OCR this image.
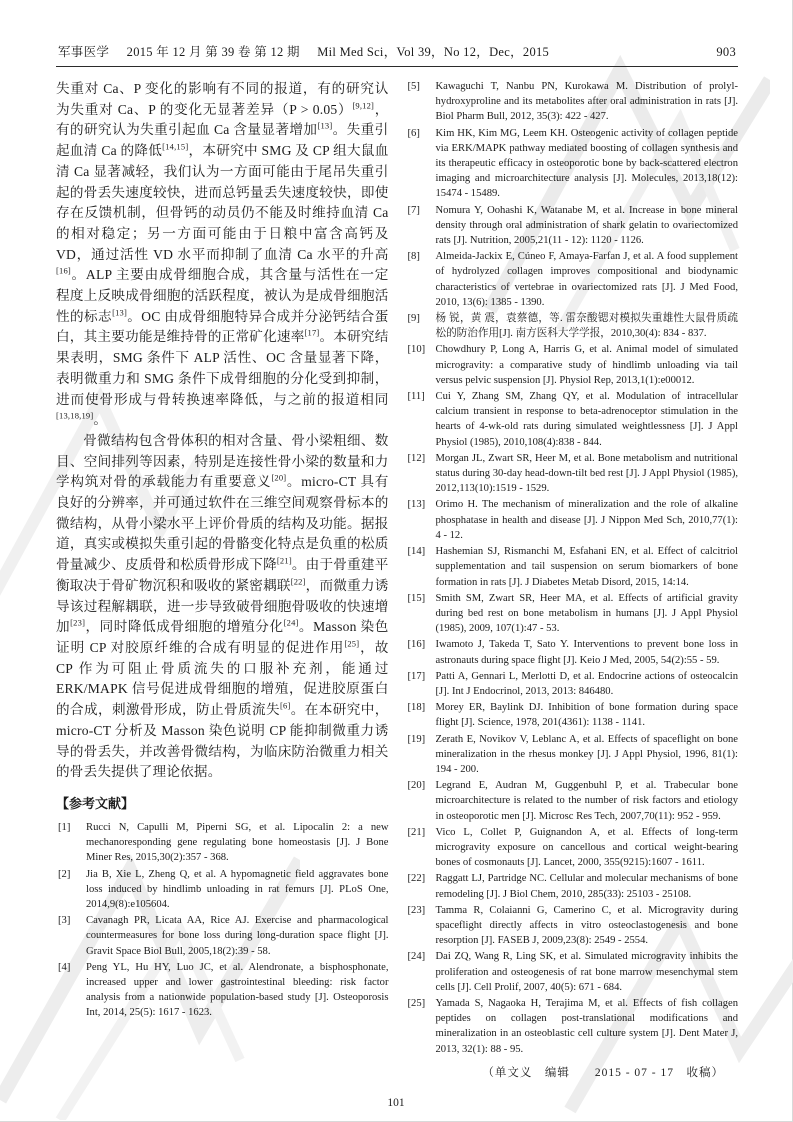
军事医学 2015 年 12 月 第 39 卷 第 12 期 Mil Med Sci，Vol 39，No 12，Dec，2015	903

失重对 Ca、P 变化的影响有不同的报道，有的研究认为失重对 Ca、P 的变化无显著差异（P > 0.05）[9,12]，有的研究认为失重引起血 Ca 含量显著增加[13]。失重引起血清 Ca 的降低[14,15]，本研究中 SMG 及 CP 组大鼠血清 Ca 显著减轻，我们认为一方面可能由于尾吊失重引起的骨丢失速度较快，进而总钙量丢失速度较快，即使存在反馈机制，但骨钙的动员仍不能及时维持血清 Ca 的相对稳定；另一方面可能由于日粮中富含高钙及 VD，通过活性 VD 水平而抑制了血清 Ca 水平的升高[16]。ALP 主要由成骨细胞合成，其含量与活性在一定程度上反映成骨细胞的活跃程度，被认为是成骨细胞活性的标志[13]。OC 由成骨细胞特异合成并分泌钙结合蛋白，其主要功能是维持骨的正常矿化速率[17]。本研究结果表明，SMG 条件下 ALP 活性、OC 含量显著下降，表明微重力和 SMG 条件下成骨细胞的分化受到抑制，进而使骨形成与骨转换速率降低，与之前的报道相同[13,18,19]。

骨微结构包含骨体积的相对含量、骨小梁粗细、数目、空间排列等因素，特别是连接性骨小梁的数量和力学构筑对骨的承载能力有重要意义[20]。micro-CT 具有良好的分辨率，并可通过软件在三维空间观察骨标本的微结构，从骨小梁水平上评价骨质的结构及功能。据报道，真实或模拟失重引起的骨骼变化特点是负重的松质骨量减少、皮质骨和松质骨形成下降[21]。由于骨重建平衡取决于骨矿物沉积和吸收的紧密耦联[22]，而微重力诱导该过程解耦联，进一步导致破骨细胞骨吸收的快速增加[23]，同时降低成骨细胞的增殖分化[24]。Masson 染色证明 CP 对胶原纤维的合成有明显的促进作用[25]，故 CP 作为可阻止骨质流失的口服补充剂，能通过 ERK/MAPK 信号促进成骨细胞的增殖，促进胶原蛋白的合成，刺激骨形成，防止骨质流失[6]。在本研究中，micro-CT 分析及 Masson 染色说明 CP 能抑制微重力诱导的骨丢失，并改善骨微结构，为临床防治微重力相关的骨丢失提供了理论依据。

【参考文献】
[1]	Rucci N, Capulli M, Piperni SG, et al. Lipocalin 2: a new mechanoresponding gene regulating bone homeostasis [J]. J Bone Miner Res, 2015,30(2):357 - 368.
[2]	Jia B, Xie L, Zheng Q, et al. A hypomagnetic field aggravates bone loss induced by hindlimb unloading in rat femurs [J]. PLoS One, 2014,9(8):e105604.
[3]	Cavanagh PR, Licata AA, Rice AJ. Exercise and pharmacological countermeasures for bone loss during long-duration space flight [J]. Gravit Space Biol Bull, 2005,18(2):39 - 58.
[4]	Peng YL, Hu HY, Luo JC, et al. Alendronate, a bisphosphonate, increased upper and lower gastrointestinal bleeding: risk factor analysis from a nationwide population-based study [J]. Osteoporosis Int, 2014, 25(5): 1617 - 1623.
[5]	Kawaguchi T, Nanbu PN, Kurokawa M. Distribution of prolyl-hydroxyproline and its metabolites after oral administration in rats [J]. Biol Pharm Bull, 2012, 35(3): 422 - 427.
[6]	Kim HK, Kim MG, Leem KH. Osteogenic activity of collagen peptide via ERK/MAPK pathway mediated boosting of collagen synthesis and its therapeutic efficacy in osteoporotic bone by back-scattered electron imaging and microarchitecture analysis [J]. Molecules, 2013,18(12): 15474 - 15489.
[7]	Nomura Y, Oohashi K, Watanabe M, et al. Increase in bone mineral density through oral administration of shark gelatin to ovariectomized rats [J]. Nutrition, 2005,21(11 - 12): 1120 - 1126.
[8]	Almeida-Jackix E, Cúneo F, Amaya-Farfan J, et al. A food supplement of hydrolyzed collagen improves compositional and biodynamic characteristics of vertebrae in ovariectomized rats [J]. J Med Food, 2010, 13(6): 1385 - 1390.
[9]	杨 锐，黄 震，袁蔡德，等. 雷奈酸锶对模拟失重雄性大鼠骨质疏松的防治作用[J]. 南方医科大学学报，2010,30(4): 834 - 837.
[10] Chowdhury P, Long A, Harris G, et al. Animal model of simulated microgravity: a comparative study of hindlimb unloading via tail versus pelvic suspension [J]. Physiol Rep, 2013,1(1):e00012.
[11]	Cui Y, Zhang SM, Zhang QY, et al. Modulation of intracellular calcium transient in response to beta-adrenoceptor stimulation in the hearts of 4-wk-old rats during simulated weightlessness [J]. J Appl Physiol (1985), 2010,108(4):838 - 844.
[12] Morgan JL, Zwart SR, Heer M, et al. Bone metabolism and nutritional status during 30-day head-down-tilt bed rest [J]. J Appl Physiol (1985), 2012,113(10):1519 - 1529.
[13] Orimo H. The mechanism of mineralization and the role of alkaline phosphatase in health and disease [J]. J Nippon Med Sch, 2010,77(1): 4 - 12.
[14] Hashemian SJ, Rismanchi M, Esfahani EN, et al. Effect of calcitriol supplementation and tail suspension on serum biomarkers of bone formation in rats [J]. J Diabetes Metab Disord, 2015, 14:14.
[15] Smith SM, Zwart SR, Heer MA, et al. Effects of artificial gravity during bed rest on bone metabolism in humans [J]. J Appl Physiol (1985), 2009, 107(1):47 - 53.
[16] Iwamoto J, Takeda T, Sato Y. Interventions to prevent bone loss in astronauts during space flight [J]. Keio J Med, 2005, 54(2):55 - 59.
[17] Patti A, Gennari L, Merlotti D, et al. Endocrine actions of osteocalcin [J]. Int J Endocrinol, 2013, 2013: 846480.
[18] Morey ER, Baylink DJ. Inhibition of bone formation during space flight [J]. Science, 1978, 201(4361): 1138 - 1141.
[19] Zerath E, Novikov V, Leblanc A, et al. Effects of spaceflight on bone mineralization in the rhesus monkey [J]. J Appl Physiol, 1996, 81(1): 194 - 200.
[20] Legrand E, Audran M, Guggenbuhl P, et al. Trabecular bone microarchitecture is related to the number of risk factors and etiology in osteoporotic men [J]. Microsc Res Tech, 2007,70(11): 952 - 959.
[21] Vico L, Collet P, Guignandon A, et al. Effects of long-term microgravity exposure on cancellous and cortical weight-bearing bones of cosmonauts [J]. Lancet, 2000, 355(9215):1607 - 1611.
[22] Raggatt LJ, Partridge NC. Cellular and molecular mechanisms of bone remodeling [J]. J Biol Chem, 2010, 285(33): 25103 - 25108.
[23] Tamma R, Colaianni G, Camerino C, et al. Microgravity during spaceflight directly affects in vitro osteoclastogenesis and bone resorption [J]. FASEB J, 2009,23(8): 2549 - 2554.
[24] Dai ZQ, Wang R, Ling SK, et al. Simulated microgravity inhibits the proliferation and osteogenesis of rat bone marrow mesenchymal stem cells [J]. Cell Prolif, 2007, 40(5): 671 - 684.
[25] Yamada S, Nagaoka H, Terajima M, et al. Effects of fish collagen peptides on collagen post-translational modifications and mineralization in an osteoblastic cell culture system [J]. Dent Mater J, 2013, 32(1): 88 - 95.
（单文义　编辑　　2015 - 07 - 17　收稿）
101
